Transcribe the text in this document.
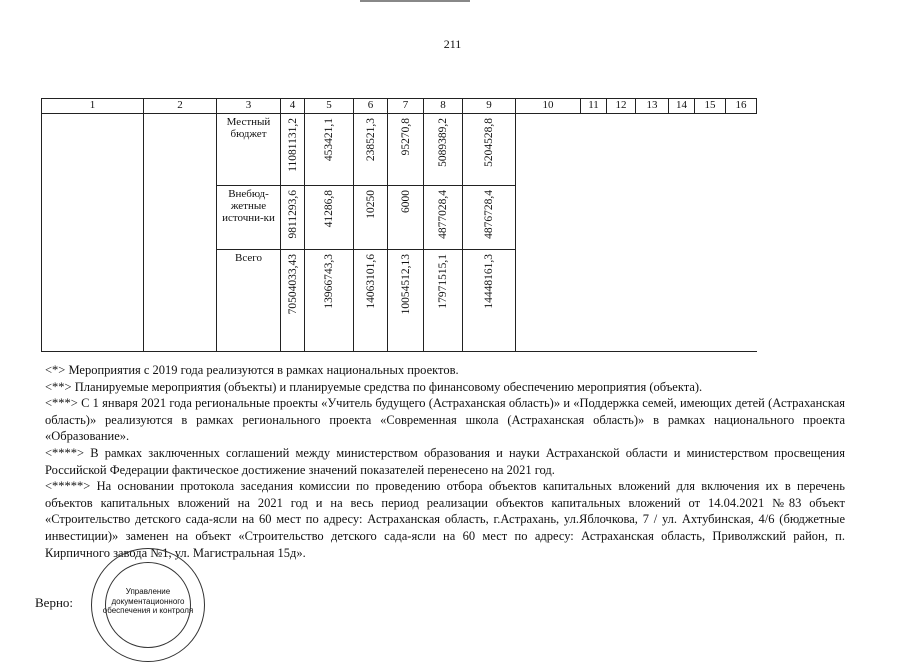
211
1	2	3	4	5	6	7	8	9	10	11	12	13	14	15	16
		Местный бюджет	11081131,2	453421,1	238521,3	95270,8	5089389,2	5204528,8							

		Внебюд-жетные источни-ки	9811293,6	41286,8	10250	6000	4877028,4	4876728,4							

		Всего	70504033,43	13966743,3	14063101,6	10054512,13	17971515,1	14448161,3							

<*> Мероприятия с 2019 года реализуются в рамках национальных проектов.

<**> Планируемые мероприятия (объекты) и планируемые средства по финансовому обеспечению мероприятия (объекта).

<***> С 1 января 2021 года региональные проекты «Учитель будущего (Астраханская область)» и «Поддержка семей, имеющих детей (Астраханская область)» реализуются в рамках регионального проекта «Современная школа (Астраханская область)» в рамках национального проекта «Образование».

<****> В рамках заключенных соглашений между министерством образования и науки Астраханской области и министерством просвещения Российской Федерации фактическое достижение значений показателей перенесено на 2021 год.

<*****> На основании протокола заседания комиссии по проведению отбора объектов капитальных вложений для включения их в перечень объектов капитальных вложений на 2021 год и на весь период реализации объектов капитальных вложений от 14.04.2021 №83 объект «Строительство детского сада-ясли на 60 мест по адресу: Астраханская область, г.Астрахань, ул.Яблочкова, 7 / ул. Ахтубинская, 4/6 (бюджетные инвестиции)» заменен на объект «Строительство детского сада-ясли на 60 мест по адресу: Астраханская область, Приволжский район, п. Кирпичного завода №1, ул. Магистральная 15д».

Управление документационного обеспечения и контроля
Верно:
